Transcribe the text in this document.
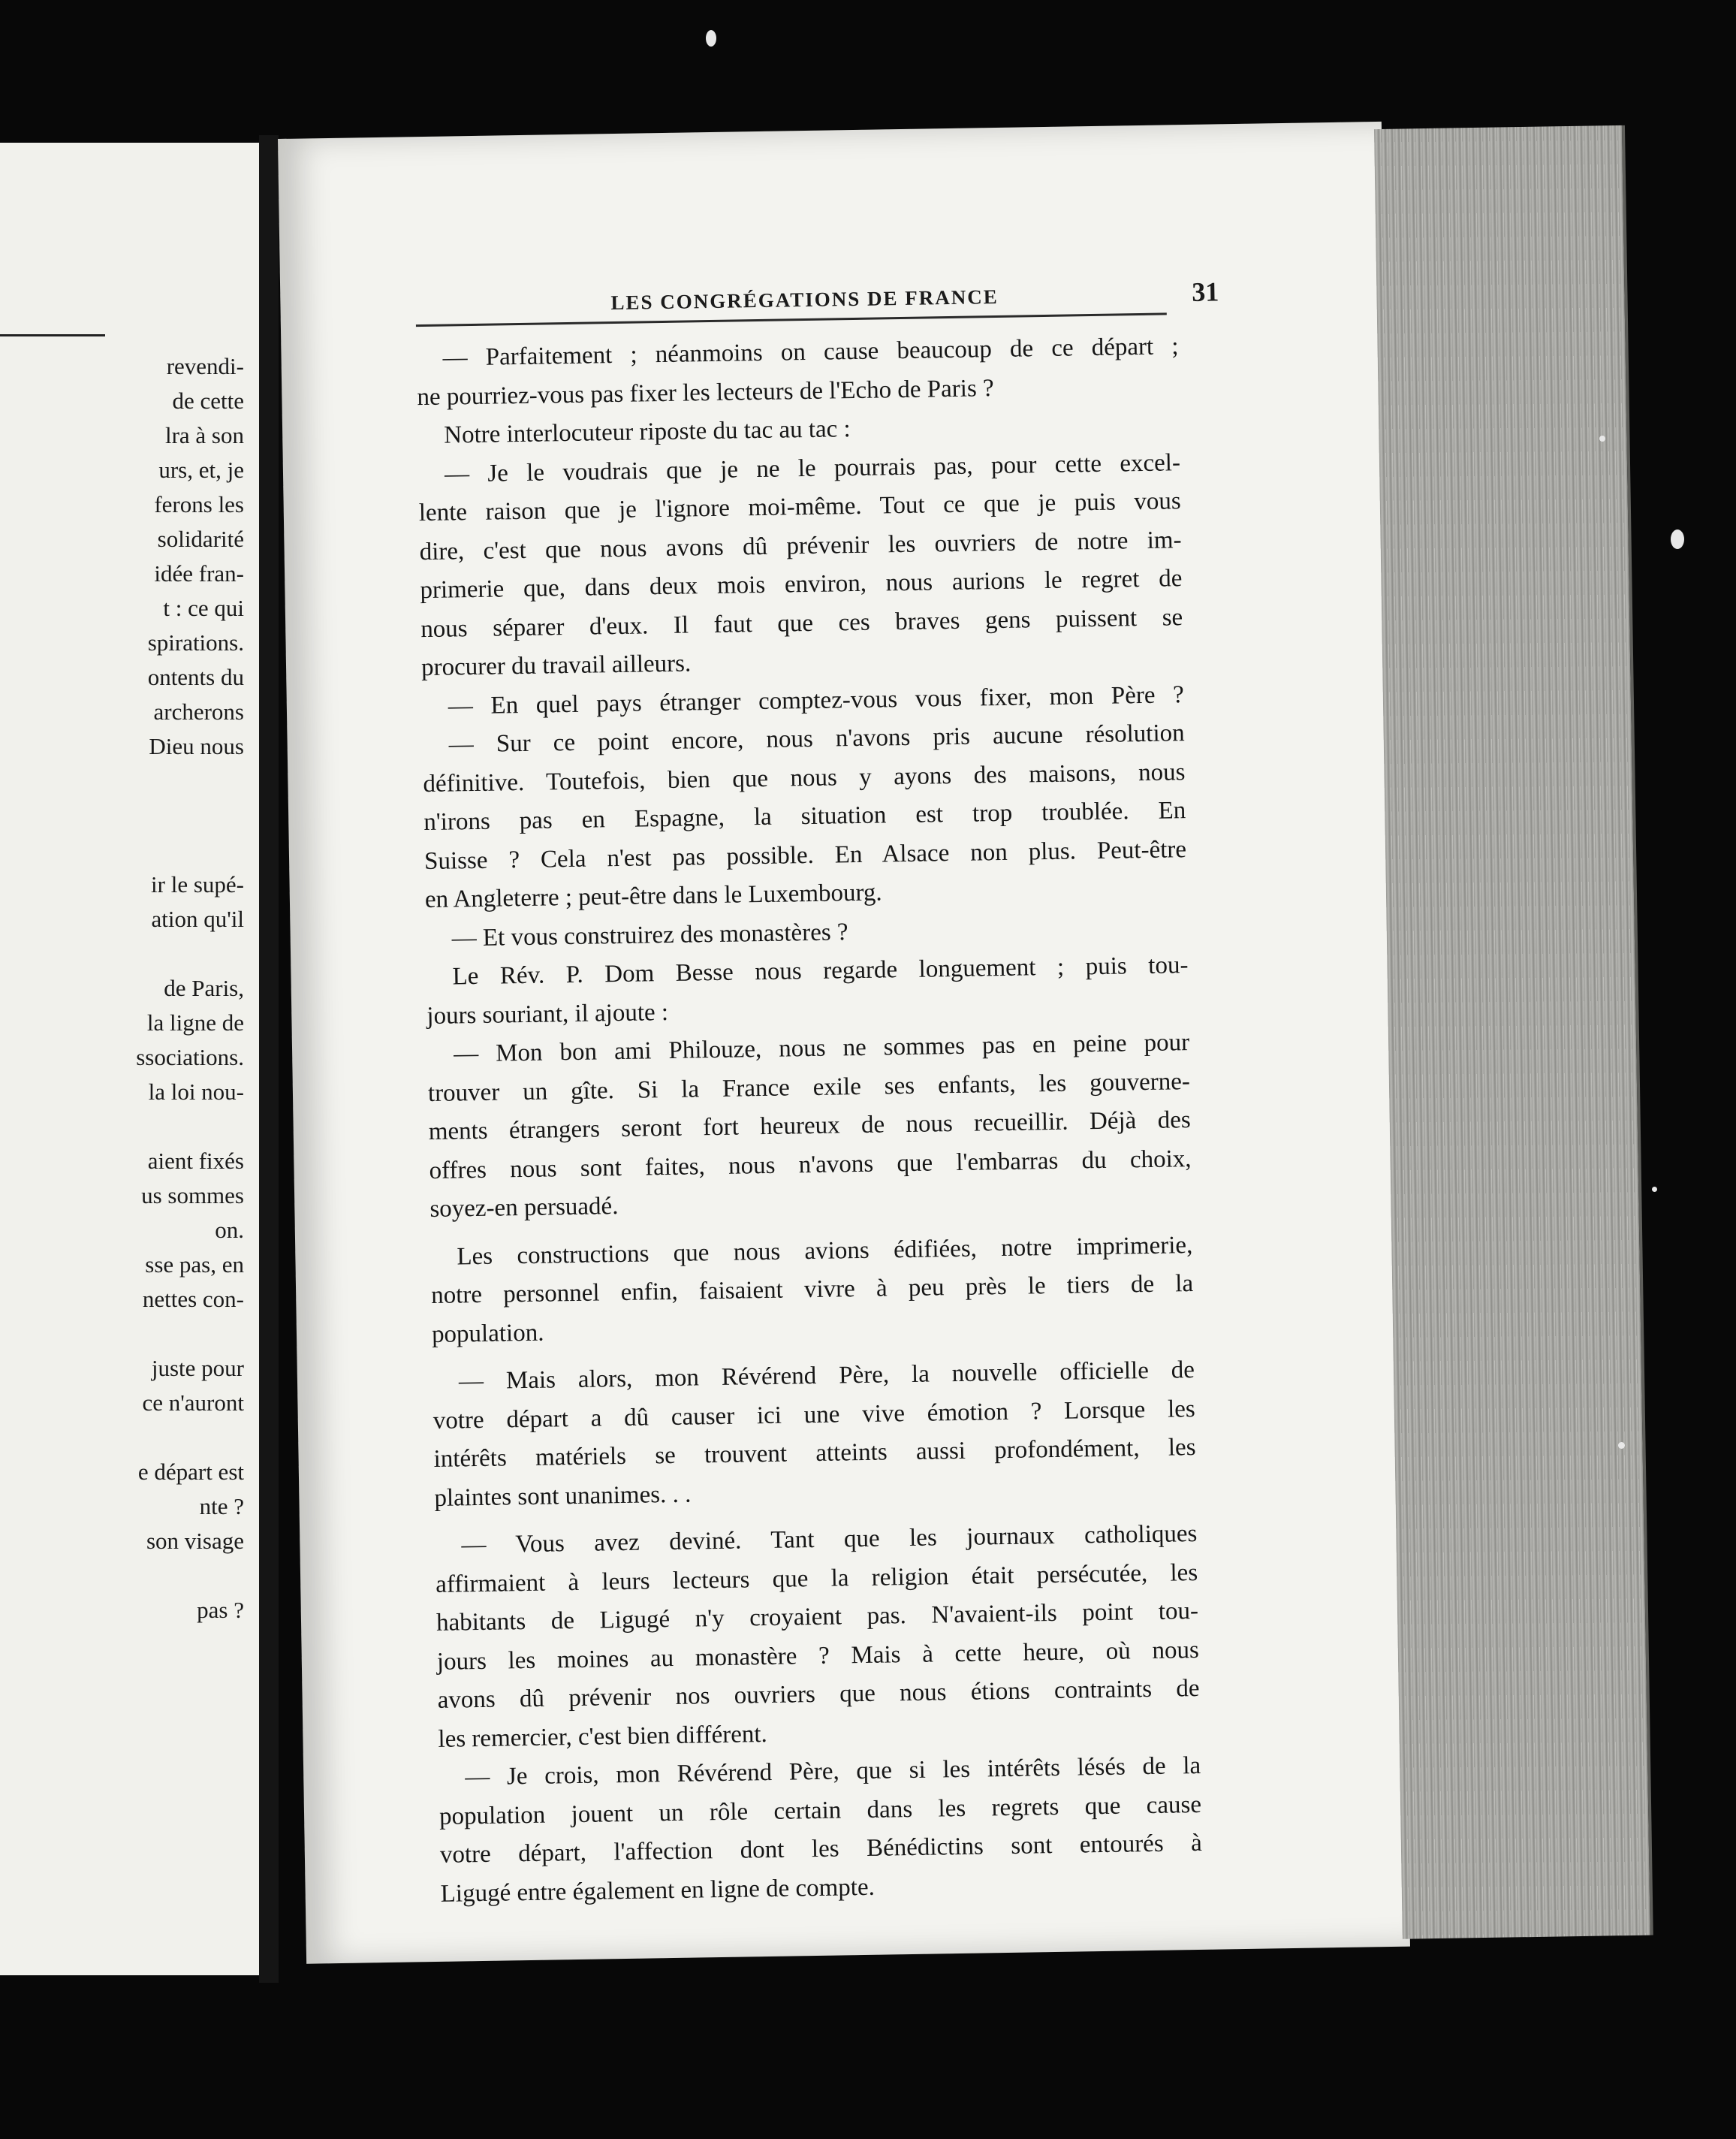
revendi-
de cette
lra à son
urs, et, je
ferons les
solidarité
idée fran-
t : ce qui
spirations.
ontents du
archerons
Dieu nous
ir le supé-
ation qu'il
de Paris,
la ligne de
ssociations.
la loi nou-
aient fixés
us sommes
on.
sse pas, en
nettes con-
juste pour
ce n'auront
e départ est
nte ?
son visage
pas ?
LES CONGRÉGATIONS DE FRANCE	31
— Parfaitement ; néanmoins on cause beaucoup de ce départ ;
ne pourriez-vous pas fixer les lecteurs de l'Echo de Paris ?
Notre interlocuteur riposte du tac au tac :
— Je le voudrais que je ne le pourrais pas, pour cette excel-
lente raison que je l'ignore moi-même. Tout ce que je puis vous
dire, c'est que nous avons dû prévenir les ouvriers de notre im-
primerie que, dans deux mois environ, nous aurions le regret de
nous séparer d'eux. Il faut que ces braves gens puissent se
procurer du travail ailleurs.
— En quel pays étranger comptez-vous vous fixer, mon Père ?
— Sur ce point encore, nous n'avons pris aucune résolution
définitive. Toutefois, bien que nous y ayons des maisons, nous
n'irons pas en Espagne, la situation est trop troublée. En
Suisse ? Cela n'est pas possible. En Alsace non plus. Peut-être
en Angleterre ; peut-être dans le Luxembourg.
— Et vous construirez des monastères ?
Le Rév. P. Dom Besse nous regarde longuement ; puis tou-
jours souriant, il ajoute :
— Mon bon ami Philouze, nous ne sommes pas en peine pour
trouver un gîte. Si la France exile ses enfants, les gouverne-
ments étrangers seront fort heureux de nous recueillir. Déjà des
offres nous sont faites, nous n'avons que l'embarras du choix,
soyez-en persuadé.
Les constructions que nous avions édifiées, notre imprimerie,
notre personnel enfin, faisaient vivre à peu près le tiers de la
population.
— Mais alors, mon Révérend Père, la nouvelle officielle de
votre départ a dû causer ici une vive émotion ? Lorsque les
intérêts matériels se trouvent atteints aussi profondément, les
plaintes sont unanimes. . .
— Vous avez deviné. Tant que les journaux catholiques
affirmaient à leurs lecteurs que la religion était persécutée, les
habitants de Ligugé n'y croyaient pas. N'avaient-ils point tou-
jours les moines au monastère ? Mais à cette heure, où nous
avons dû prévenir nos ouvriers que nous étions contraints de
les remercier, c'est bien différent.
— Je crois, mon Révérend Père, que si les intérêts lésés de la
population jouent un rôle certain dans les regrets que cause
votre départ, l'affection dont les Bénédictins sont entourés à
Ligugé entre également en ligne de compte.
